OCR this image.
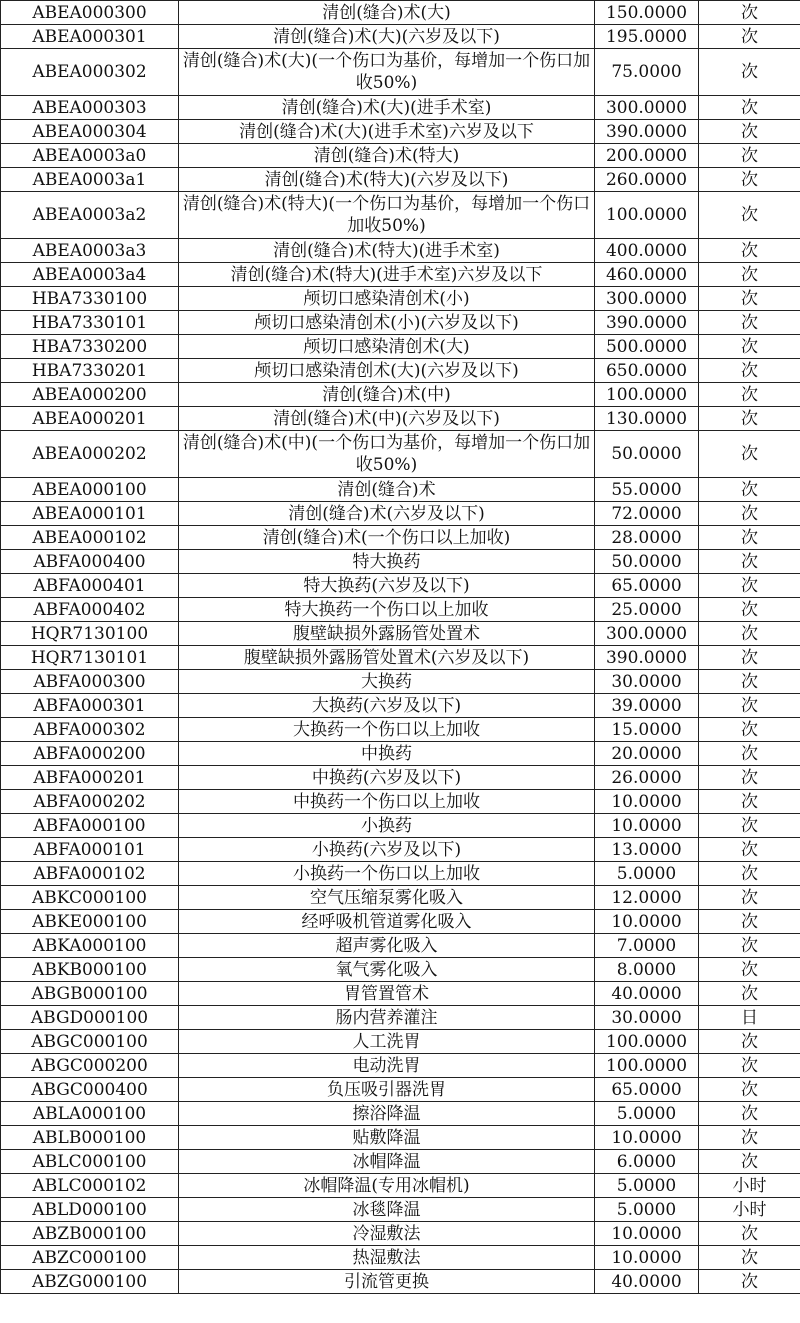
ABEA000300	清创(缝合)术(大)	150.0000	次
ABEA000301	清创(缝合)术(大)(六岁及以下)	195.0000	次
ABEA000302	清创(缝合)术(大)(一个伤口为基价，每增加一个伤口加收50%)	75.0000	次
ABEA000303	清创(缝合)术(大)(进手术室)	300.0000	次
ABEA000304	清创(缝合)术(大)(进手术室)六岁及以下	390.0000	次
ABEA0003a0	清创(缝合)术(特大)	200.0000	次
ABEA0003a1	清创(缝合)术(特大)(六岁及以下)	260.0000	次
ABEA0003a2	清创(缝合)术(特大)(一个伤口为基价，每增加一个伤口加收50%)	100.0000	次
ABEA0003a3	清创(缝合)术(特大)(进手术室)	400.0000	次
ABEA0003a4	清创(缝合)术(特大)(进手术室)六岁及以下	460.0000	次
HBA7330100	颅切口感染清创术(小)	300.0000	次
HBA7330101	颅切口感染清创术(小)(六岁及以下)	390.0000	次
HBA7330200	颅切口感染清创术(大)	500.0000	次
HBA7330201	颅切口感染清创术(大)(六岁及以下)	650.0000	次
ABEA000200	清创(缝合)术(中)	100.0000	次
ABEA000201	清创(缝合)术(中)(六岁及以下)	130.0000	次
ABEA000202	清创(缝合)术(中)(一个伤口为基价，每增加一个伤口加收50%)	50.0000	次
ABEA000100	清创(缝合)术	55.0000	次
ABEA000101	清创(缝合)术(六岁及以下)	72.0000	次
ABEA000102	清创(缝合)术(一个伤口以上加收)	28.0000	次
ABFA000400	特大换药	50.0000	次
ABFA000401	特大换药(六岁及以下)	65.0000	次
ABFA000402	特大换药一个伤口以上加收	25.0000	次
HQR7130100	腹壁缺损外露肠管处置术	300.0000	次
HQR7130101	腹壁缺损外露肠管处置术(六岁及以下)	390.0000	次
ABFA000300	大换药	30.0000	次
ABFA000301	大换药(六岁及以下)	39.0000	次
ABFA000302	大换药一个伤口以上加收	15.0000	次
ABFA000200	中换药	20.0000	次
ABFA000201	中换药(六岁及以下)	26.0000	次
ABFA000202	中换药一个伤口以上加收	10.0000	次
ABFA000100	小换药	10.0000	次
ABFA000101	小换药(六岁及以下)	13.0000	次
ABFA000102	小换药一个伤口以上加收	5.0000	次
ABKC000100	空气压缩泵雾化吸入	12.0000	次
ABKE000100	经呼吸机管道雾化吸入	10.0000	次
ABKA000100	超声雾化吸入	7.0000	次
ABKB000100	氧气雾化吸入	8.0000	次
ABGB000100	胃管置管术	40.0000	次
ABGD000100	肠内营养灌注	30.0000	日
ABGC000100	人工洗胃	100.0000	次
ABGC000200	电动洗胃	100.0000	次
ABGC000400	负压吸引器洗胃	65.0000	次
ABLA000100	擦浴降温	5.0000	次
ABLB000100	贴敷降温	10.0000	次
ABLC000100	冰帽降温	6.0000	次
ABLC000102	冰帽降温(专用冰帽机)	5.0000	小时
ABLD000100	冰毯降温	5.0000	小时
ABZB000100	冷湿敷法	10.0000	次
ABZC000100	热湿敷法	10.0000	次
ABZG000100	引流管更换	40.0000	次
